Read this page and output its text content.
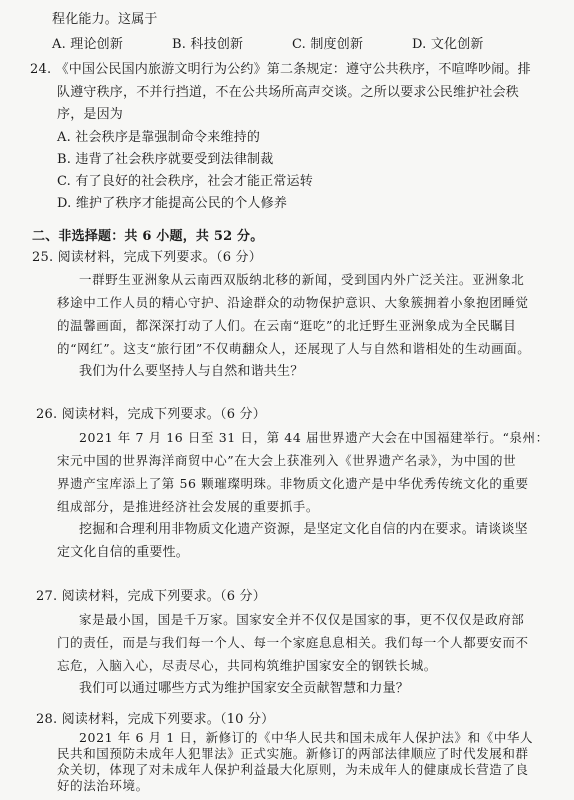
程化能力。这属于
A. 理论创新	B. 科技创新	C. 制度创新	D. 文化创新
24. 《中国公民国内旅游文明行为公约》第二条规定：遵守公共秩序，不喧哗吵闹。排
队遵守秩序，不并行挡道，不在公共场所高声交谈。之所以要求公民维护社会秩
序，是因为
A. 社会秩序是靠强制命令来维持的
B. 违背了社会秩序就要受到法律制裁
C. 有了良好的社会秩序，社会才能正常运转
D. 维护了秩序才能提高公民的个人修养
二、非选择题：共 6 小题，共 52 分。
25. 阅读材料，完成下列要求。（6 分）
一群野生亚洲象从云南西双版纳北移的新闻，受到国内外广泛关注。亚洲象北
移途中工作人员的精心守护、沿途群众的动物保护意识、大象簇拥着小象抱团睡觉
的温馨画面，都深深打动了人们。在云南“逛吃”的北迁野生亚洲象成为全民瞩目
的“网红”。这支“旅行团”不仅萌翻众人，还展现了人与自然和谐相处的生动画面。
我们为什么要坚持人与自然和谐共生？
26. 阅读材料，完成下列要求。（6 分）
2021 年 7 月 16 日至 31 日，第 44 届世界遗产大会在中国福建举行。“泉州：
宋元中国的世界海洋商贸中心”在大会上获准列入《世界遗产名录》，为中国的世
界遗产宝库添上了第 56 颗璀璨明珠。非物质文化遗产是中华优秀传统文化的重要
组成部分，是推进经济社会发展的重要抓手。
挖掘和合理利用非物质文化遗产资源，是坚定文化自信的内在要求。请谈谈坚
定文化自信的重要性。
27. 阅读材料，完成下列要求。（6 分）
家是最小国，国是千万家。国家安全并不仅仅是国家的事，更不仅仅是政府部
门的责任，而是与我们每一个人、每一个家庭息息相关。我们每一个人都要安而不
忘危，入脑入心，尽责尽心，共同构筑维护国家安全的钢铁长城。
我们可以通过哪些方式为维护国家安全贡献智慧和力量？
28. 阅读材料，完成下列要求。（10 分）
2021 年 6 月 1 日，新修订的《中华人民共和国未成年人保护法》和《中华人
民共和国预防未成年人犯罪法》正式实施。新修订的两部法律顺应了时代发展和群
众关切，体现了对未成年人保护利益最大化原则，为未成年人的健康成长营造了良
好的法治环境。
